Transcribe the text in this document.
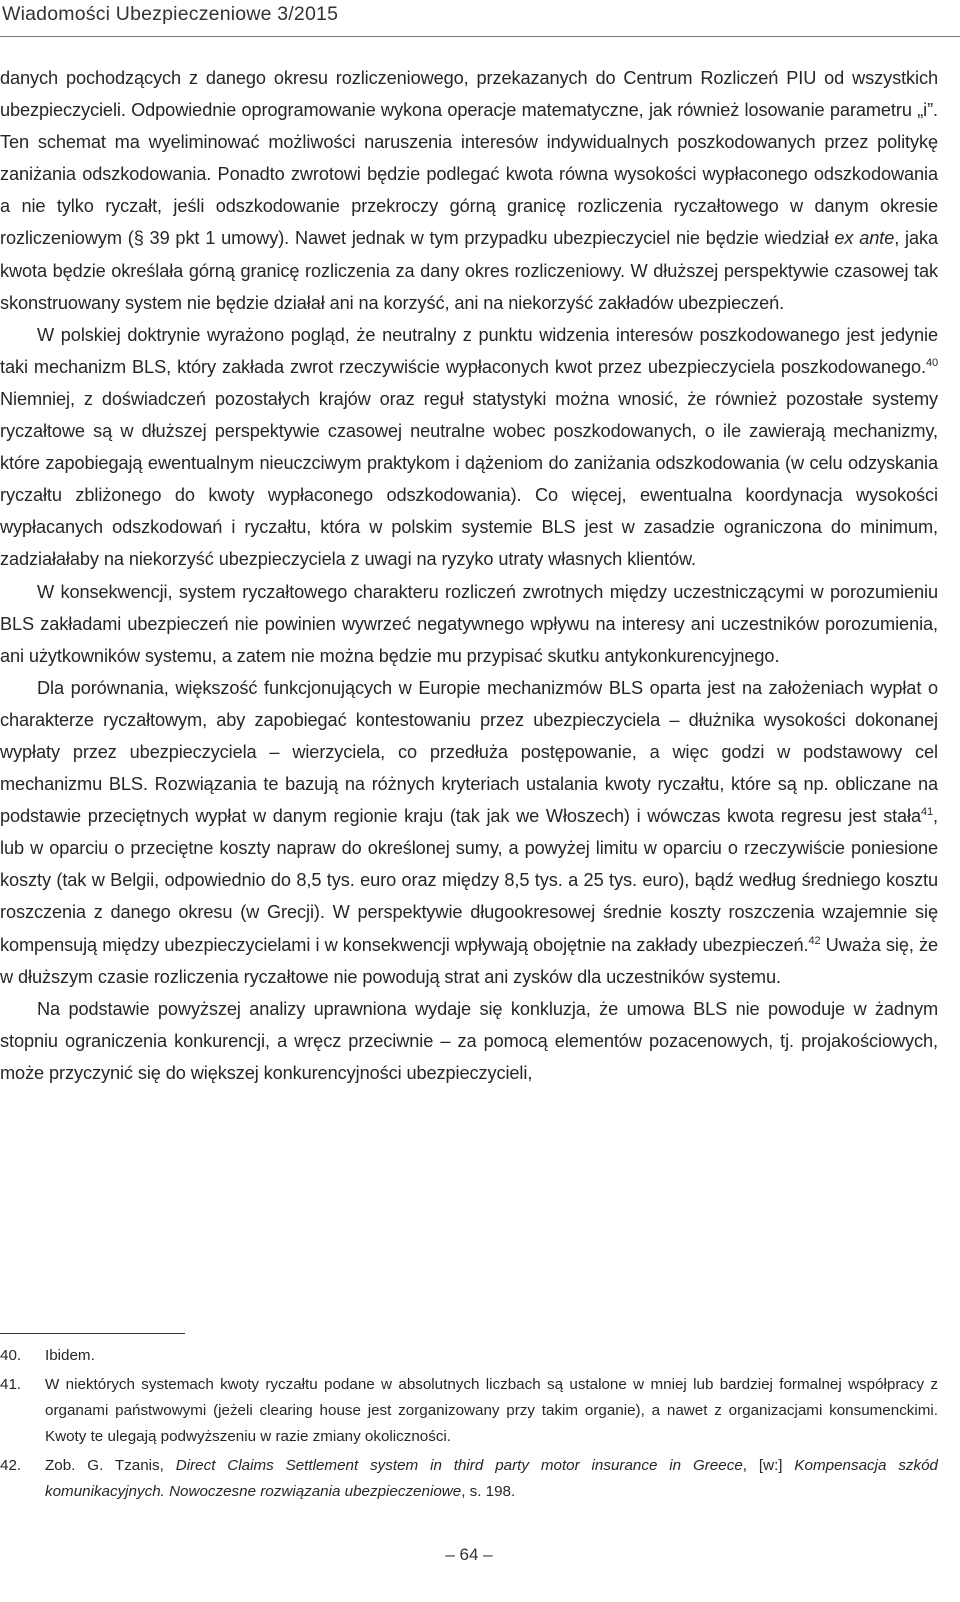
Wiadomości Ubezpieczeniowe 3/2015

danych pochodzących z danego okresu rozliczeniowego, przekazanych do Centrum Rozliczeń PIU od wszystkich ubezpieczycieli. Odpowiednie oprogramowanie wykona operacje matematyczne, jak również losowanie parametru „i”. Ten schemat ma wyeliminować możliwości naruszenia interesów indywidualnych poszkodowanych przez politykę zaniżania odszkodowania. Ponadto zwrotowi będzie podlegać kwota równa wysokości wypłaconego odszkodowania a nie tylko ryczałt, jeśli odszkodowanie przekroczy górną granicę rozliczenia ryczałtowego w danym okresie rozliczeniowym (§ 39 pkt 1 umowy). Nawet jednak w tym przypadku ubezpieczyciel nie będzie wiedział ex ante, jaka kwota będzie określała górną granicę rozliczenia za dany okres rozliczeniowy. W dłuższej perspektywie czasowej tak skonstruowany system nie będzie działał ani na korzyść, ani na niekorzyść zakładów ubezpieczeń.

W polskiej doktrynie wyrażono pogląd, że neutralny z punktu widzenia interesów poszkodowanego jest jedynie taki mechanizm BLS, który zakłada zwrot rzeczywiście wypłaconych kwot przez ubezpieczyciela poszkodowanego.$^{40}$ Niemniej, z doświadczeń pozostałych krajów oraz reguł statystyki można wnosić, że również pozostałe systemy ryczałtowe są w dłuższej perspektywie czasowej neutralne wobec poszkodowanych, o ile zawierają mechanizmy, które zapobiegają ewentualnym nieuczciwym praktykom i dążeniom do zaniżania odszkodowania (w celu odzyskania ryczałtu zbliżonego do kwoty wypłaconego odszkodowania). Co więcej, ewentualna koordynacja wysokości wypłacanych odszkodowań i ryczałtu, która w polskim systemie BLS jest w zasadzie ograniczona do minimum, zadziałałaby na niekorzyść ubezpieczyciela z uwagi na ryzyko utraty własnych klientów.

W konsekwencji, system ryczałtowego charakteru rozliczeń zwrotnych między uczestniczącymi w porozumieniu BLS zakładami ubezpieczeń nie powinien wywrzeć negatywnego wpływu na interesy ani uczestników porozumienia, ani użytkowników systemu, a zatem nie można będzie mu przypisać skutku antykonkurencyjnego.

Dla porównania, większość funkcjonujących w Europie mechanizmów BLS oparta jest na założeniach wypłat o charakterze ryczałtowym, aby zapobiegać kontestowaniu przez ubezpieczyciela – dłużnika wysokości dokonanej wypłaty przez ubezpieczyciela – wierzyciela, co przedłuża postępowanie, a więc godzi w podstawowy cel mechanizmu BLS. Rozwiązania te bazują na różnych kryteriach ustalania kwoty ryczałtu, które są np. obliczane na podstawie przeciętnych wypłat w danym regionie kraju (tak jak we Włoszech) i wówczas kwota regresu jest stała$^{41}$, lub w oparciu o przeciętne koszty napraw do określonej sumy, a powyżej limitu w oparciu o rzeczywiście poniesione koszty (tak w Belgii, odpowiednio do 8,5 tys. euro oraz między 8,5 tys. a 25 tys. euro), bądź według średniego kosztu roszczenia z danego okresu (w Grecji). W perspektywie długookresowej średnie koszty roszczenia wzajemnie się kompensują między ubezpieczycielami i w konsekwencji wpływają obojętnie na zakłady ubezpieczeń.$^{42}$ Uważa się, że w dłuższym czasie rozliczenia ryczałtowe nie powodują strat ani zysków dla uczestników systemu.

Na podstawie powyższej analizy uprawniona wydaje się konkluzja, że umowa BLS nie powoduje w żadnym stopniu ograniczenia konkurencji, a wręcz przeciwnie – za pomocą elementów pozacenowych, tj. projakościowych, może przyczynić się do większej konkurencyjności ubezpieczycieli,

40.	Ibidem.
41.	W niektórych systemach kwoty ryczałtu podane w absolutnych liczbach są ustalone w mniej lub bardziej formalnej współpracy z organami państwowymi (jeżeli clearing house jest zorganizowany przy takim organie), a nawet z organizacjami konsumenckimi. Kwoty te ulegają podwyższeniu w razie zmiany okoliczności.
42.	Zob. G. Tzanis, Direct Claims Settlement system in third party motor insurance in Greece, [w:] Kompensacja szkód komunikacyjnych. Nowoczesne rozwiązania ubezpieczeniowe, s. 198.
– 64 –
